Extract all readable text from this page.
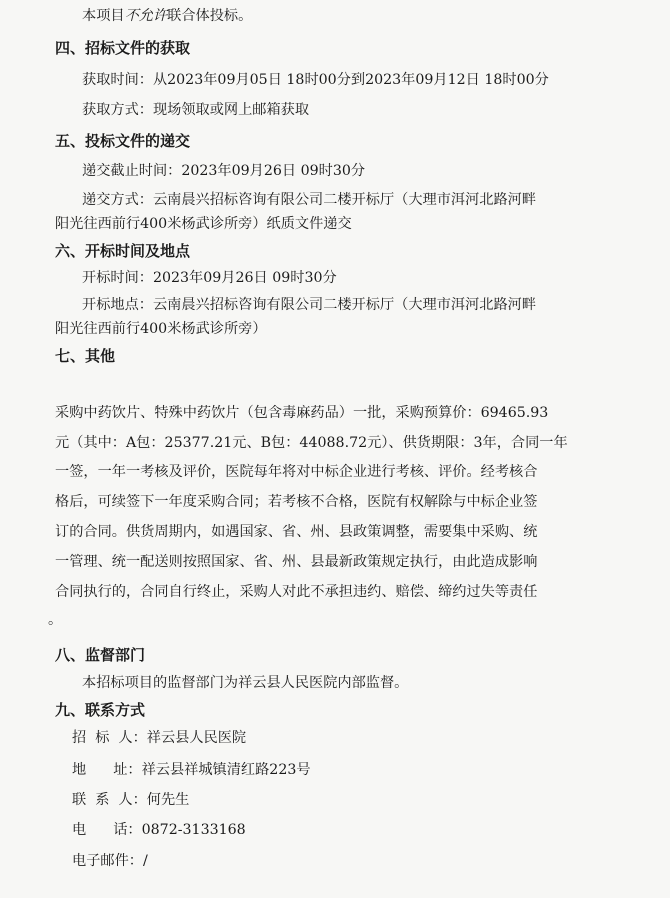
本项目不允许联合体投标。
四、招标文件的获取
获取时间：从2023年09月05日 18时00分到2023年09月12日 18时00分
获取方式：现场领取或网上邮箱获取
五、投标文件的递交
递交截止时间：2023年09月26日 09时30分
递交方式：云南晨兴招标咨询有限公司二楼开标厅（大理市洱河北路河畔
阳光往西前行400米杨武诊所旁）纸质文件递交
六、开标时间及地点
开标时间：2023年09月26日 09时30分
开标地点：云南晨兴招标咨询有限公司二楼开标厅（大理市洱河北路河畔
阳光往西前行400米杨武诊所旁）
七、其他
采购中药饮片、特殊中药饮片（包含毒麻药品）一批，采购预算价：69465.93
元（其中：A包：25377.21元、B包：44088.72元）、供货期限：3年，合同一年
一签，一年一考核及评价，医院每年将对中标企业进行考核、评价。经考核合
格后，可续签下一年度采购合同；若考核不合格，医院有权解除与中标企业签
订的合同。供货周期内，如遇国家、省、州、县政策调整，需要集中采购、统
一管理、统一配送则按照国家、省、州、县最新政策规定执行，由此造成影响
合同执行的，合同自行终止，采购人对此不承担违约、赔偿、缔约过失等责任
。
八、监督部门
本招标项目的监督部门为祥云县人民医院内部监督。
九、联系方式
招  标  人：祥云县人民医院
地      址：祥云县祥城镇清红路223号
联  系  人：何先生
电      话：0872-3133168
电子邮件：/
